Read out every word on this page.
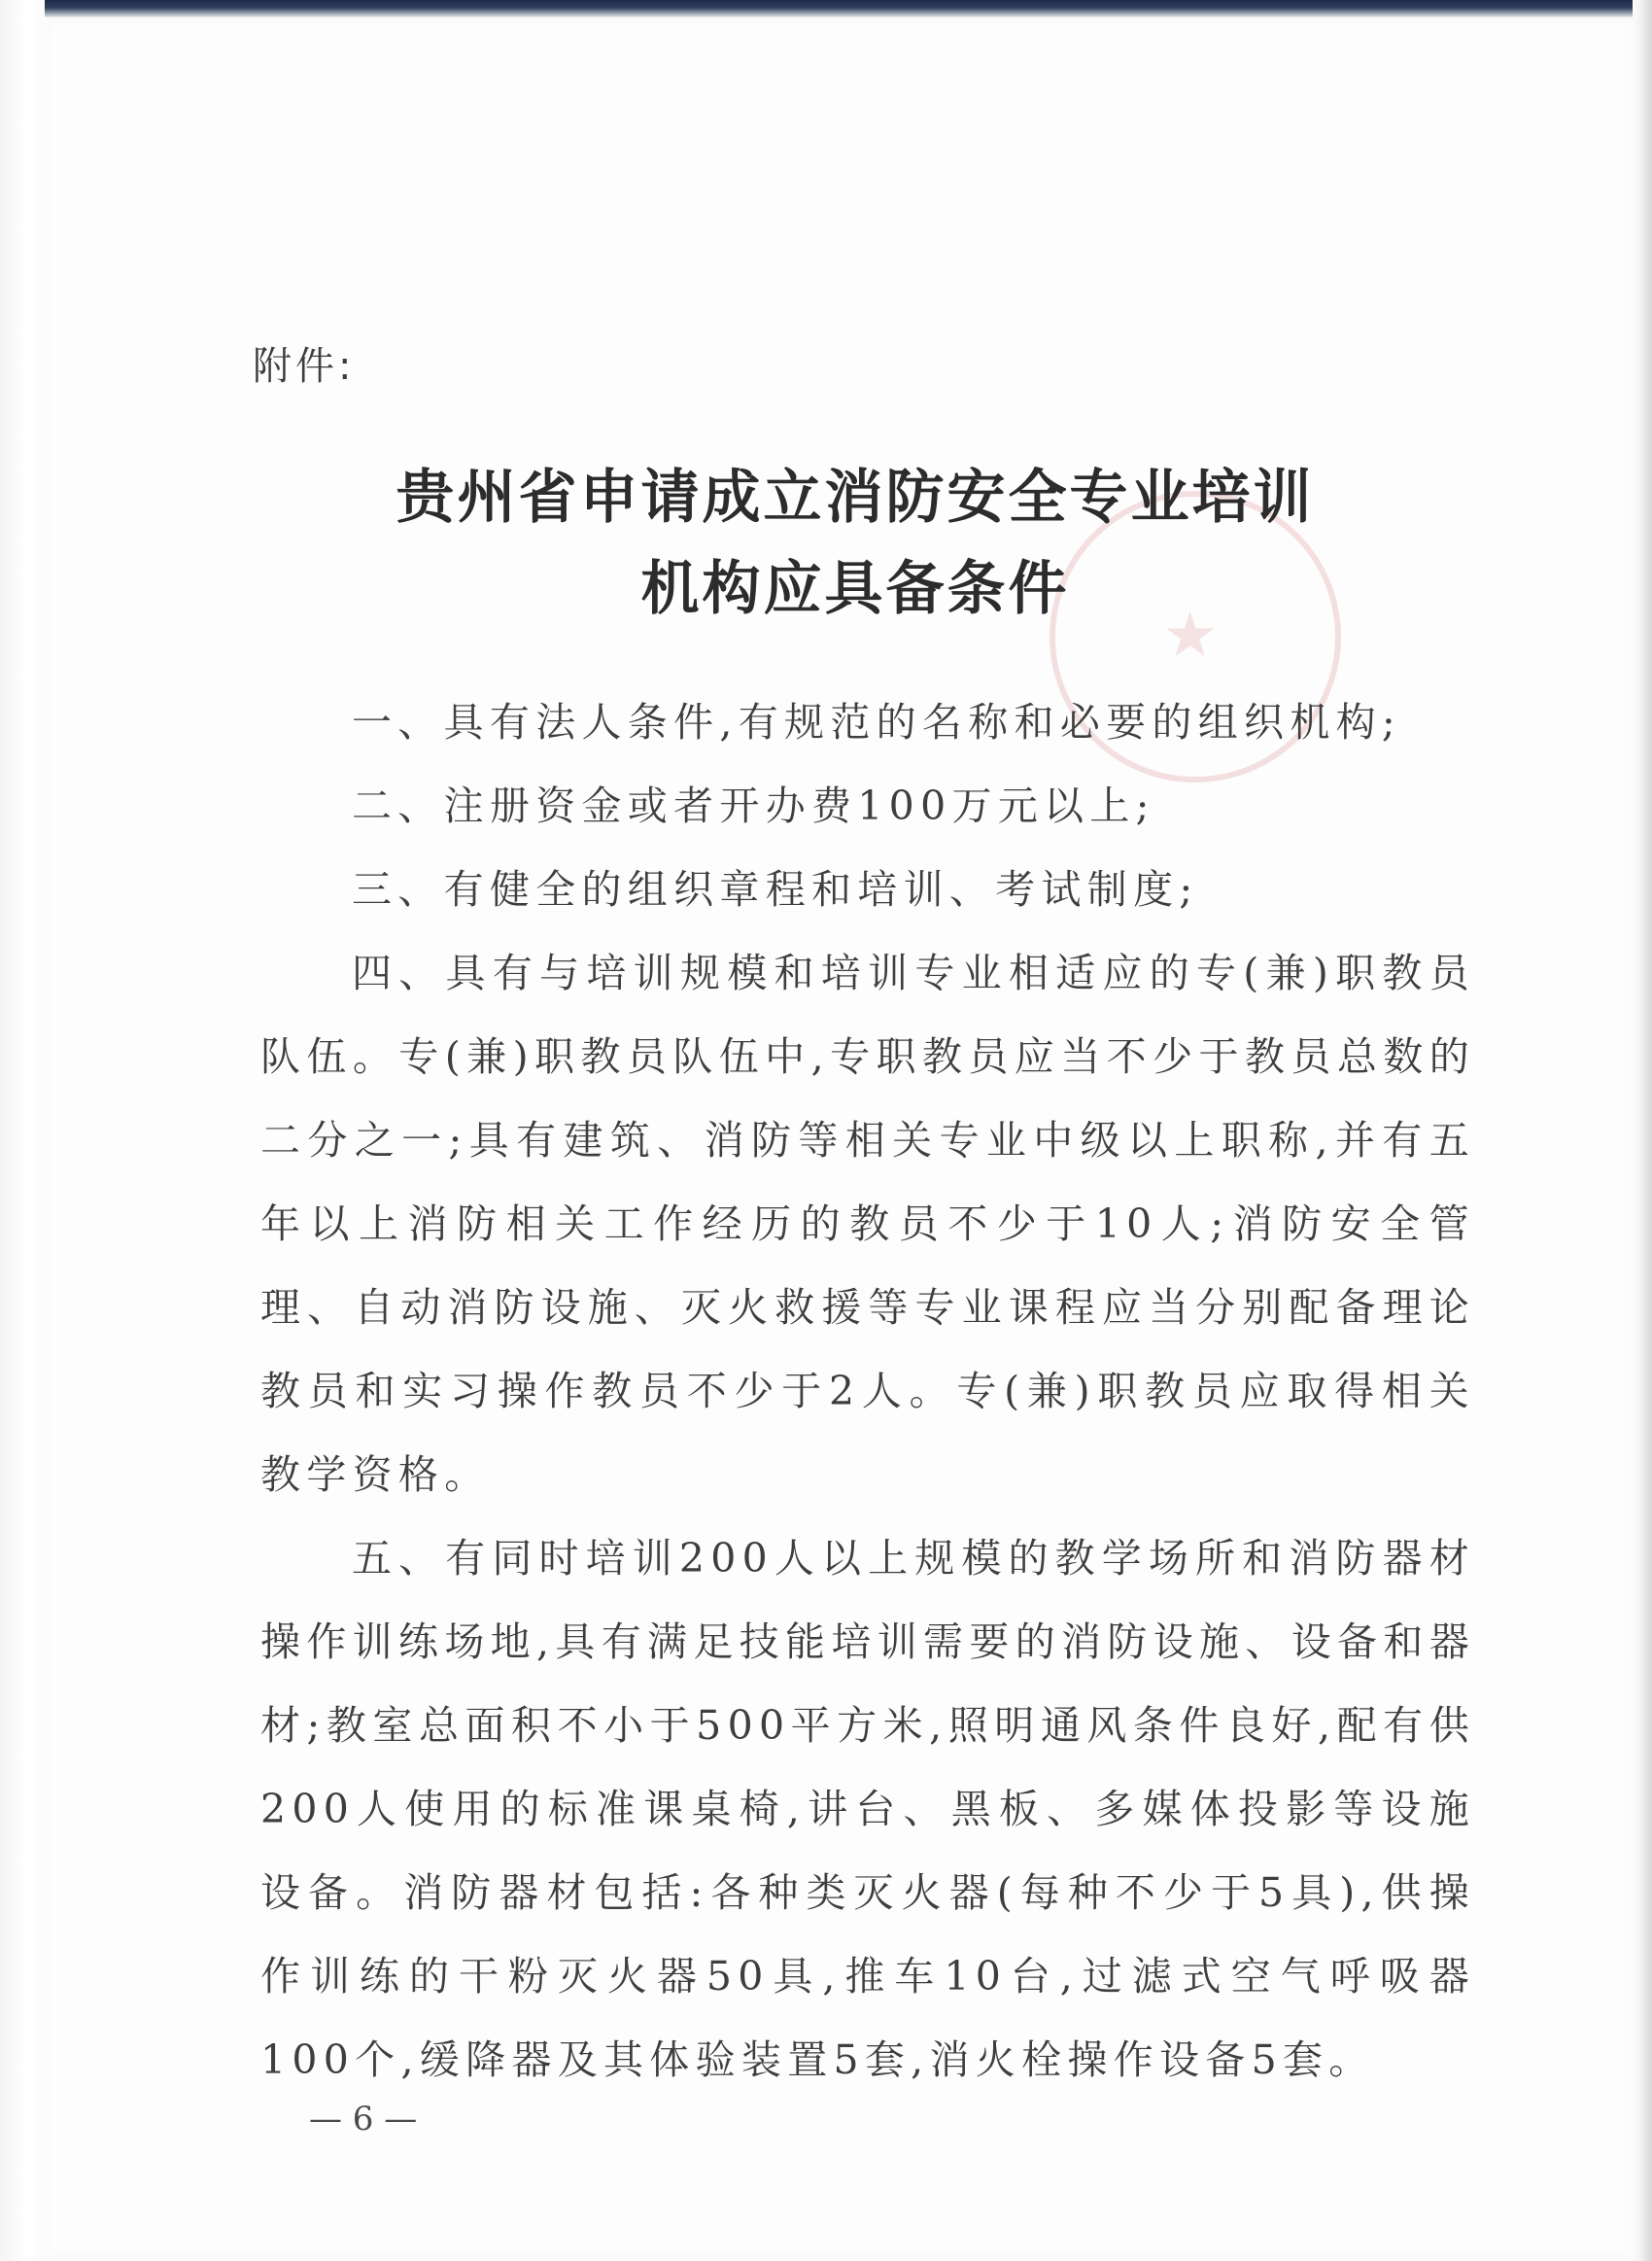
★
附件:
贵州省申请成立消防安全专业培训
机构应具备条件

一、具有法人条件,有规范的名称和必要的组织机构;

二、注册资金或者开办费100万元以上;

三、有健全的组织章程和培训、考试制度;

四、具有与培训规模和培训专业相适应的专(兼)职教员队伍。专(兼)职教员队伍中,专职教员应当不少于教员总数的二分之一;具有建筑、消防等相关专业中级以上职称,并有五年以上消防相关工作经历的教员不少于10人;消防安全管理、自动消防设施、灭火救援等专业课程应当分别配备理论教员和实习操作教员不少于2人。专(兼)职教员应取得相关教学资格。

五、有同时培训200人以上规模的教学场所和消防器材操作训练场地,具有满足技能培训需要的消防设施、设备和器材;教室总面积不小于500平方米,照明通风条件良好,配有供200人使用的标准课桌椅,讲台、黑板、多媒体投影等设施设备。消防器材包括:各种类灭火器(每种不少于5具),供操作训练的干粉灭火器50具,推车10台,过滤式空气呼吸器100个,缓降器及其体验装置5套,消火栓操作设备5套。

— 6 —
